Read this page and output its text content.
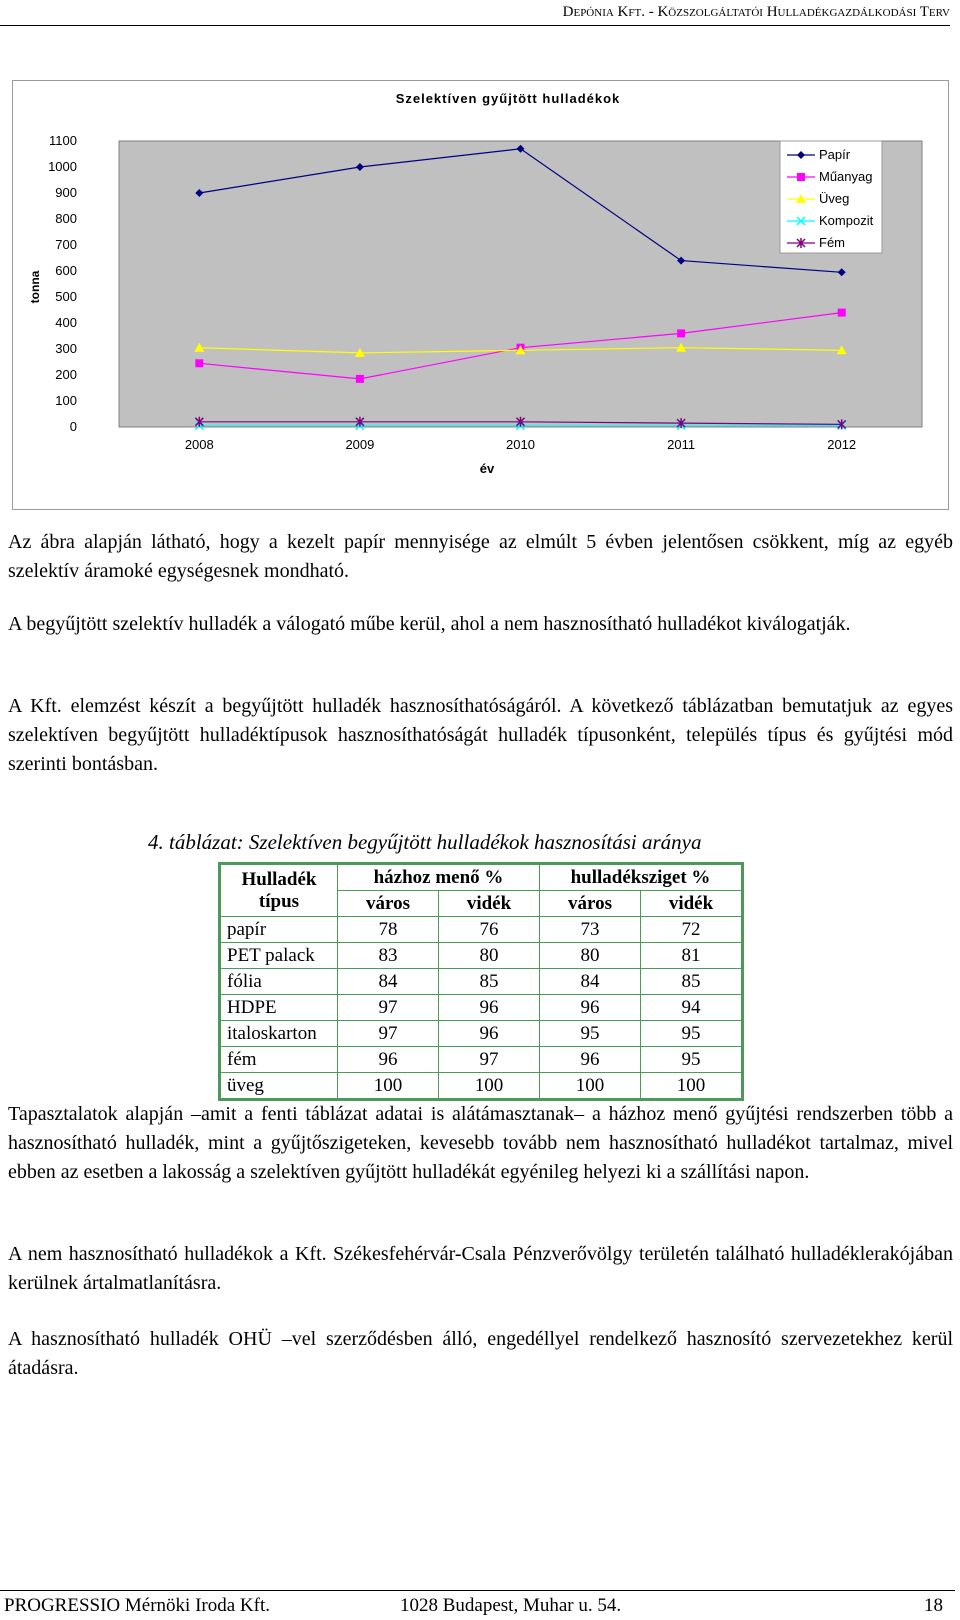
Depónia Kft. - Közszolgáltatói Hulladékgazdálkodási Terv
Szelektíven gyűjtött hulladékok
0
100
200
300
400
500
600
700
800
900
1000
1100
2008	2009	2010	2011	2012
tonna
év
Papír
Műanyag
Üveg
Kompozit
Fém

Az ábra alapján látható, hogy a kezelt papír mennyisége az elmúlt 5 évben jelentősen csökkent, míg az egyéb szelektív áramoké egységesnek mondható.

A begyűjtött szelektív hulladék a válogató műbe kerül, ahol a nem hasznosítható hulladékot kiválogatják.

A Kft. elemzést készít a begyűjtött hulladék hasznosíthatóságáról. A következő táblázatban bemutatjuk az egyes szelektíven begyűjtött hulladéktípusok hasznosíthatóságát hulladék típusonként, település típus és gyűjtési mód szerinti bontásban.

4. táblázat: Szelektíven begyűjtött hulladékok hasznosítási aránya
Hulladék típus	házhoz menő %		hulladéksziget %	
	város	vidék	város	vidék
papír	78	76	73	72
PET palack	83	80	80	81
fólia	84	85	84	85
HDPE	97	96	96	94
italoskarton	97	96	95	95
fém	96	97	96	95
üveg	100	100	100	100

Tapasztalatok alapján –amit a fenti táblázat adatai is alátámasztanak– a házhoz menő gyűjtési rendszerben több a hasznosítható hulladék, mint a gyűjtőszigeteken, kevesebb tovább nem hasznosítható hulladékot tartalmaz, mivel ebben az esetben a lakosság a szelektíven gyűjtött hulladékát egyénileg helyezi ki a szállítási napon.

A nem hasznosítható hulladékok a Kft. Székesfehérvár-Csala Pénzverővölgy területén található hulladéklerakójában kerülnek ártalmatlanításra.

A hasznosítható hulladék OHÜ –vel szerződésben álló, engedéllyel rendelkező hasznosító szervezetekhez kerül átadásra.

PROGRESSIO Mérnöki Iroda Kft.	1028 Budapest, Muhar u. 54.	18
